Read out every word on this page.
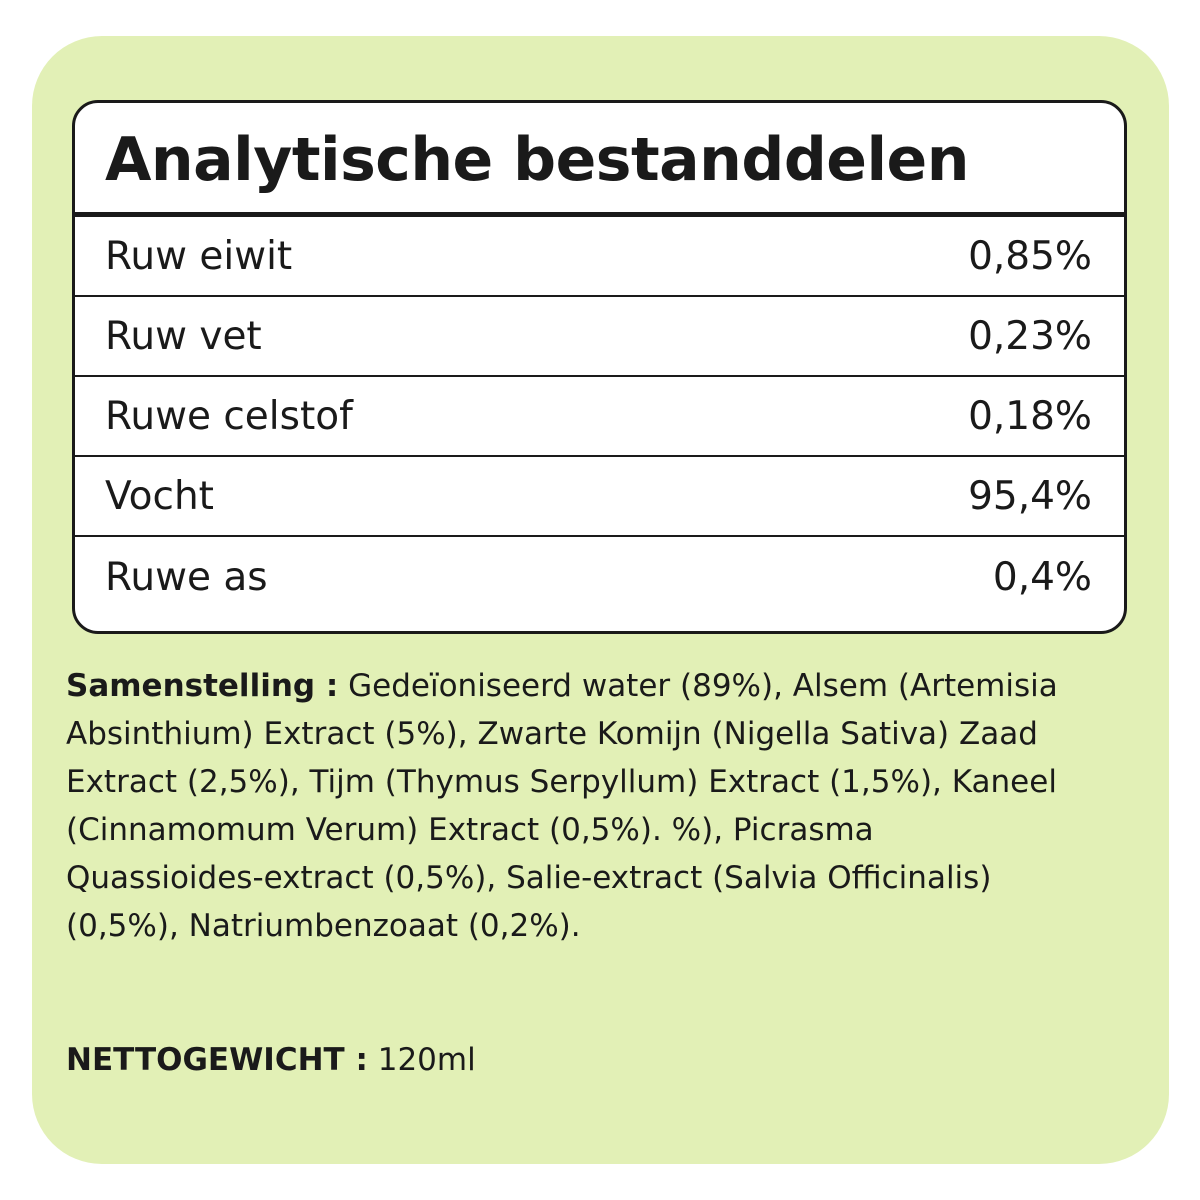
Analytische bestanddelen
Ruw eiwit	0,85%
Ruw vet	0,23%
Ruwe celstof	0,18%
Vocht	95,4%
Ruwe as	0,4%
Samenstelling : Gedeïoniseerd water (89%), Alsem (Artemisia Absinthium) Extract (5%), Zwarte Komijn (Nigella Sativa) Zaad Extract (2,5%), Tijm (Thymus Serpyllum) Extract (1,5%), Kaneel (Cinnamomum Verum) Extract (0,5%). %), Picrasma Quassioides-extract (0,5%), Salie-extract (Salvia Officinalis) (0,5%), Natriumbenzoaat (0,2%).
NETTOGEWICHT : 120ml
